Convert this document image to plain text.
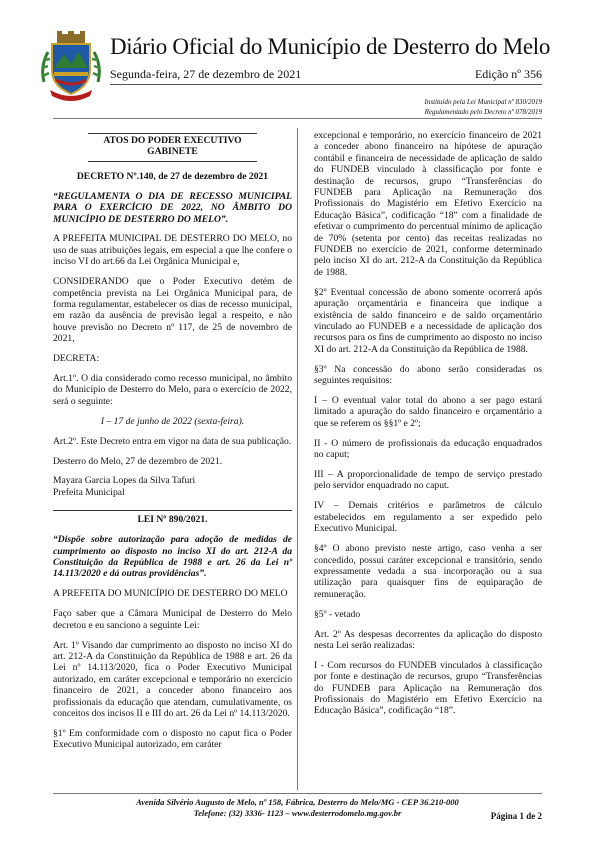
Diário Oficial do Município de Desterro do Melo
Segunda-feira, 27 de dezembro de 2021	Edição nº 356
Instituído pela Lei Municipal nº 830/2019
Regulamentado pelo Decreto nº 078/2019

ATOS DO PODER EXECUTIVO

GABINETE

DECRETO Nº.140, de 27 de dezembro de 2021

“REGULAMENTA O DIA DE RECESSO MUNICIPAL PARA O EXERCÍCIO DE 2022, NO ÂMBITO DO MUNICÍPIO DE DESTERRO DO MELO”.

A PREFEITA MUNICIPAL DE DESTERRO DO MELO, no uso de suas atribuições legais, em especial a que lhe confere o inciso VI do art.66 da Lei Orgânica Municipal e,

CONSIDERANDO que o Poder Executivo detém de competência prevista na Lei Orgânica Municipal para, de forma regulamentar, estabelecer os dias de recesso municipal, em razão da ausência de previsão legal a respeito, e não houve previsão no Decreto nº 117, de 25 de novembro de 2021,

DECRETA:

Art.1º. O dia considerado como recesso municipal, no âmbito do Município de Desterro do Melo, para o exercício de 2022, será o seguinte:

I – 17 de junho de 2022 (sexta-feira).

Art.2º. Este Decreto entra em vigor na data de sua publicação.

Desterro do Melo, 27 de dezembro de 2021.

Mayara Garcia Lopes da Silva Tafuri

Prefeita Municipal

LEI Nº 890/2021.

“Dispõe sobre autorização para adoção de medidas de cumprimento ao disposto no inciso XI do art. 212-A da Constituição da República de 1988 e art. 26 da Lei nº 14.113/2020 e dá outras providências”.

A PREFEITA DO MUNICÍPIO DE DESTERRO DO MELO

Faço saber que a Câmara Municipal de Desterro do Melo decretou e eu sanciono a seguinte Lei:

Art. 1º Visando dar cumprimento ao disposto no inciso XI do art. 212-A da Constituição da República de 1988 e art. 26 da Lei nº 14.113/2020, fica o Poder Executivo Municipal autorizado, em caráter excepcional e temporário no exercício financeiro de 2021, a conceder abono financeiro aos profissionais da educação que atendam, cumulativamente, os conceitos dos incisos II e III do art. 26 da Lei nº 14.113/2020.

§1º Em conformidade com o disposto no caput fica o Poder Executivo Municipal autorizado, em caráter

excepcional e temporário, no exercício financeiro de 2021 a conceder abono financeiro na hipótese de apuração contábil e financeira de necessidade de aplicação de saldo do FUNDEB vinculado à classificação por fonte e destinação de recursos, grupo “Transferências do FUNDEB para Aplicação na Remuneração dos Profissionais do Magistério em Efetivo Exercício na Educação Básica”, codificação “18” com a finalidade de efetivar o cumprimento do percentual mínimo de aplicação de 70% (setenta por cento) das receitas realizadas no FUNDEB no exercício de 2021, conforme determinado pelo inciso XI do art. 212-A da Constituição da República de 1988.

§2º Eventual concessão de abono somente ocorrerá após apuração orçamentária e financeira que indique a existência de saldo financeiro e de saldo orçamentário vinculado ao FUNDEB e a necessidade de aplicação dos recursos para os fins de cumprimento ao disposto no inciso XI do art. 212-A da Constituição da República de 1988.

§3º Na concessão do abono serão consideradas os seguintes requisitos:

I – O eventual valor total do abono a ser pago estará limitado a apuração do saldo financeiro e orçamentário a que se referem os §§1º e 2º;

II - O número de profissionais da educação enquadrados no caput;

III – A proporcionalidade de tempo de serviço prestado pelo servidor enquadrado no caput.

IV – Demais critérios e parâmetros de cálculo estabelecidos em regulamento a ser expedido pelo Executivo Municipal.

§4º O abono previsto neste artigo, caso venha a ser concedido, possui caráter excepcional e transitório, sendo expressamente vedada a sua incorporação ou a sua utilização para quaisquer fins de equiparação de remuneração.

§5º - vetado

Art. 2º As despesas decorrentes da aplicação do disposto nesta Lei serão realizadas:

I - Com recursos do FUNDEB vinculados à classificação por fonte e destinação de recursos, grupo “Transferências do FUNDEB para Aplicação na Remuneração dos Profissionais do Magistério em Efetivo Exercício na Educação Básica”, codificação “18”.

Avenida Silvério Augusto de Melo, nº 158, Fábrica, Desterro do Melo/MG - CEP 36.210-000
Telefone: (32) 3336- 1123 – www.desterrodomelo.mg.gov.br	Página 1 de 2
